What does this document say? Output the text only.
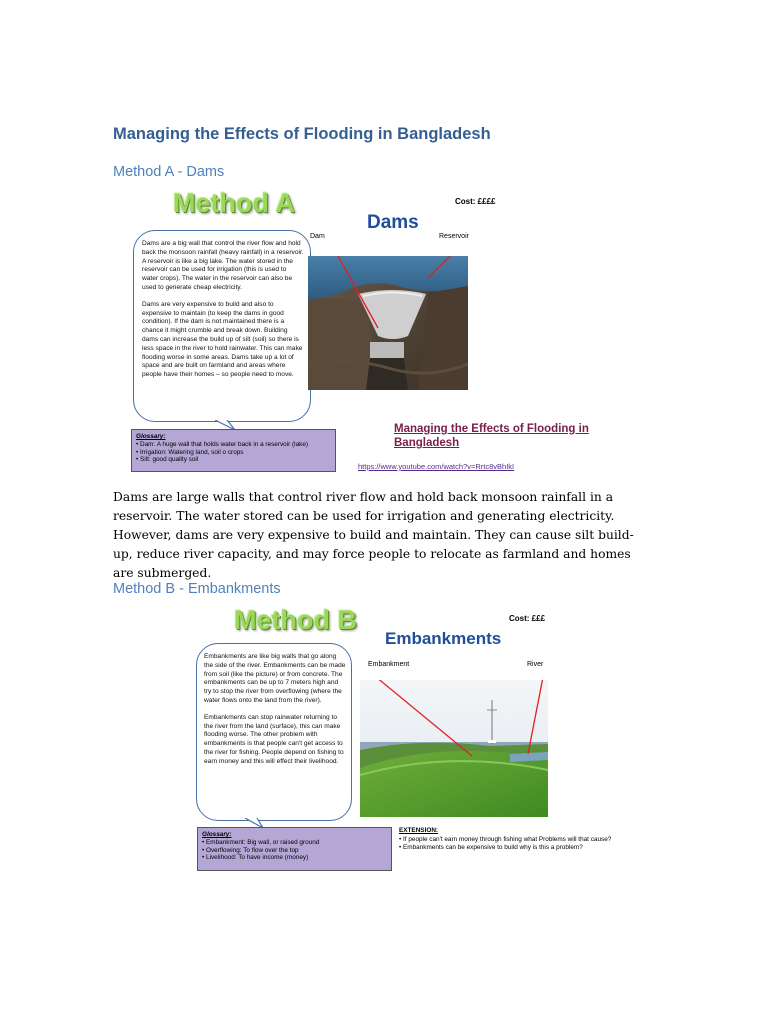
Managing the Effects of Flooding in Bangladesh
Method A - Dams
Method A	Cost: ££££
Dams

Dams are a big wall that control the river flow and hold back the monsoon rainfall (heavy rainfall) in a reservoir. A reservoir is like a big lake. The water stored in the reservoir can be used for irrigation (this is used to water crops). The water in the reservoir can also be used to generate cheap electricity.

Dams are very expensive to build and also to expensive to maintain (to keep the dams in good condition). If the dam is not maintained there is a chance it might crumble and break down. Building dams can increase the build up of silt (soil) so there is less space in the river to hold rainwater. This can make flooding worse in some areas. Dams take up a lot of space and are built on farmland and areas where people have their homes – so people need to move.

Glossary:
• Dam: A huge wall that holds water back in a reservoir (lake)
• Irrigation: Watering land, soil o crops
• Silt: good quality soil
Dam	Reservoir
Managing the Effects of Flooding in Bangladesh
https://www.youtube.com/watch?v=Rrtc8vBhIkI
Dams are large walls that control river flow and hold back monsoon rainfall in a reservoir. The water stored can be used for irrigation and generating electricity. However, dams are very expensive to build and maintain. They can cause silt build-up, reduce river capacity, and may force people to relocate as farmland and homes are submerged.
Method B - Embankments
Method B	Cost: £££
Embankments

Embankments are like big walls that go along the side of the river. Embankments can be made from soil (like the picture) or from concrete. The embankments can be up to 7 meters high and try to stop the river from overflowing (where the water flows onto the land from the river).

Embankments can stop rainwater returning to the river from the land (surface), this can make flooding worse. The other problem with embankments is that people can't get access to the river for fishing. People depend on fishing to earn money and this will effect their livelihood.

Glossary:
• Embankment: Big wall, or raised ground
• Overflowing: To flow over the top
• Livelihood: To have income (money)
Embankment	River
EXTENSION:
• If people can't earn money through fishing what Problems will that cause?
• Embankments can be expensive to build why is this a problem?
